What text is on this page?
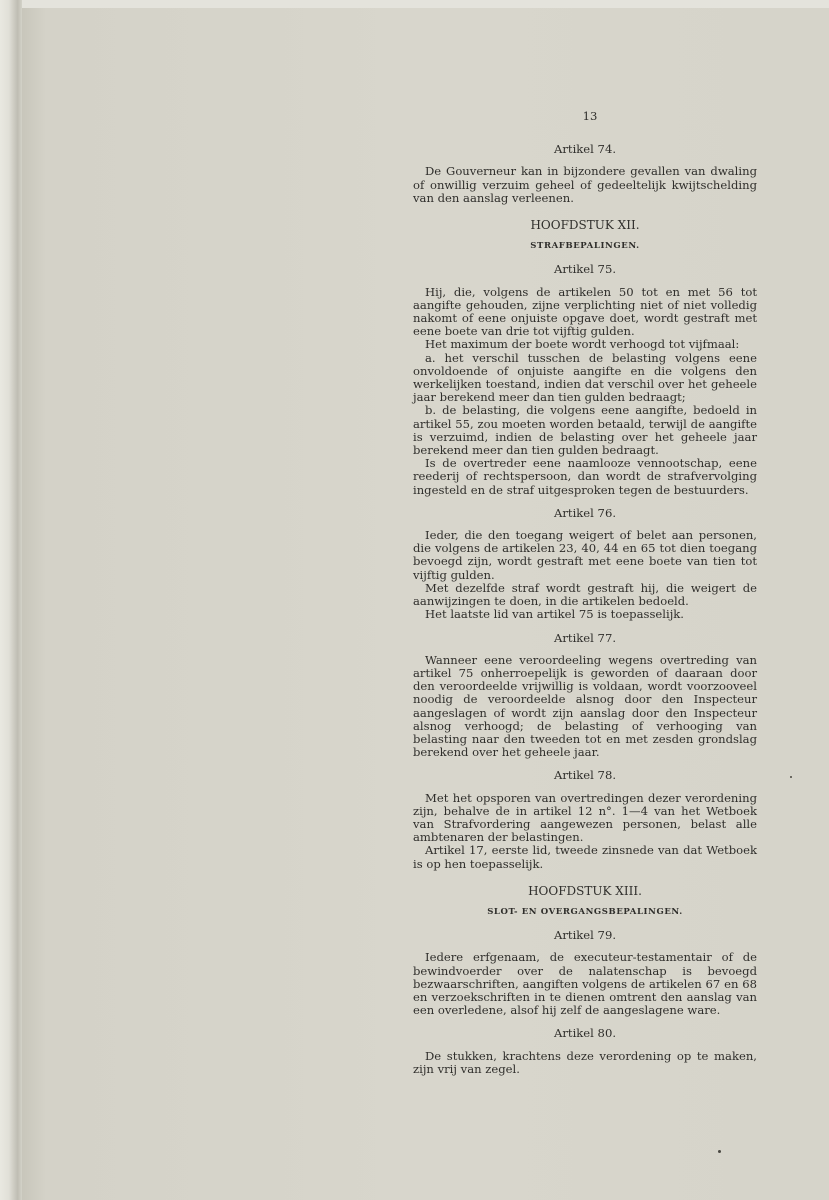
13
Artikel 74.

De Gouverneur kan in bijzondere gevallen van dwaling of onwillig verzuim geheel of gedeeltelijk kwijtschelding van den aanslag verleenen.

HOOFDSTUK XII.
STRAFBEPALINGEN.
Artikel 75.

Hij, die, volgens de artikelen 50 tot en met 56 tot aangifte gehouden, zijne verplichting niet of niet volledig nakomt of eene onjuiste opgave doet, wordt gestraft met eene boete van drie tot vijftig gulden.

Het maximum der boete wordt verhoogd tot vijfmaal:

a. het verschil tusschen de belasting volgens eene onvoldoende of onjuiste aangifte en die volgens den werkelijken toestand, indien dat verschil over het geheele jaar berekend meer dan tien gulden bedraagt;

b. de belasting, die volgens eene aangifte, bedoeld in artikel 55, zou moeten worden betaald, terwijl de aangifte is verzuimd, indien de belasting over het geheele jaar berekend meer dan tien gulden bedraagt.

Is de overtreder eene naamlooze vennootschap, eene reederij of rechtspersoon, dan wordt de strafvervolging ingesteld en de straf uitgesproken tegen de bestuurders.

Artikel 76.

Ieder, die den toegang weigert of belet aan personen, die volgens de artikelen 23, 40, 44 en 65 tot dien toegang bevoegd zijn, wordt gestraft met eene boete van tien tot vijftig gulden.

Met dezelfde straf wordt gestraft hij, die weigert de aanwijzingen te doen, in die artikelen bedoeld.

Het laatste lid van artikel 75 is toepasselijk.

Artikel 77.

Wanneer eene veroordeeling wegens overtreding van artikel 75 onherroepelijk is geworden of daaraan door den veroordeelde vrijwillig is voldaan, wordt voorzooveel noodig de veroordeelde alsnog door den Inspecteur aangeslagen of wordt zijn aanslag door den Inspecteur alsnog verhoogd; de belasting of verhooging van belasting naar den tweeden tot en met zesden grondslag berekend over het geheele jaar.

Artikel 78.

Met het opsporen van overtredingen dezer verordening zijn, behalve de in artikel 12 n°. 1—4 van het Wetboek van Strafvordering aangewezen personen, belast alle ambtenaren der belastingen.

Artikel 17, eerste lid, tweede zinsnede van dat Wetboek is op hen toepasselijk.

HOOFDSTUK XIII.
SLOT- EN OVERGANGSBEPALINGEN.
Artikel 79.

Iedere erfgenaam, de executeur-testamentair of de bewindvoerder over de nalatenschap is bevoegd bezwaarschriften, aangiften volgens de artikelen 67 en 68 en verzoekschriften in te dienen omtrent den aanslag van een overledene, alsof hij zelf de aangeslagene ware.

Artikel 80.

De stukken, krachtens deze verordening op te maken, zijn vrij van zegel.
